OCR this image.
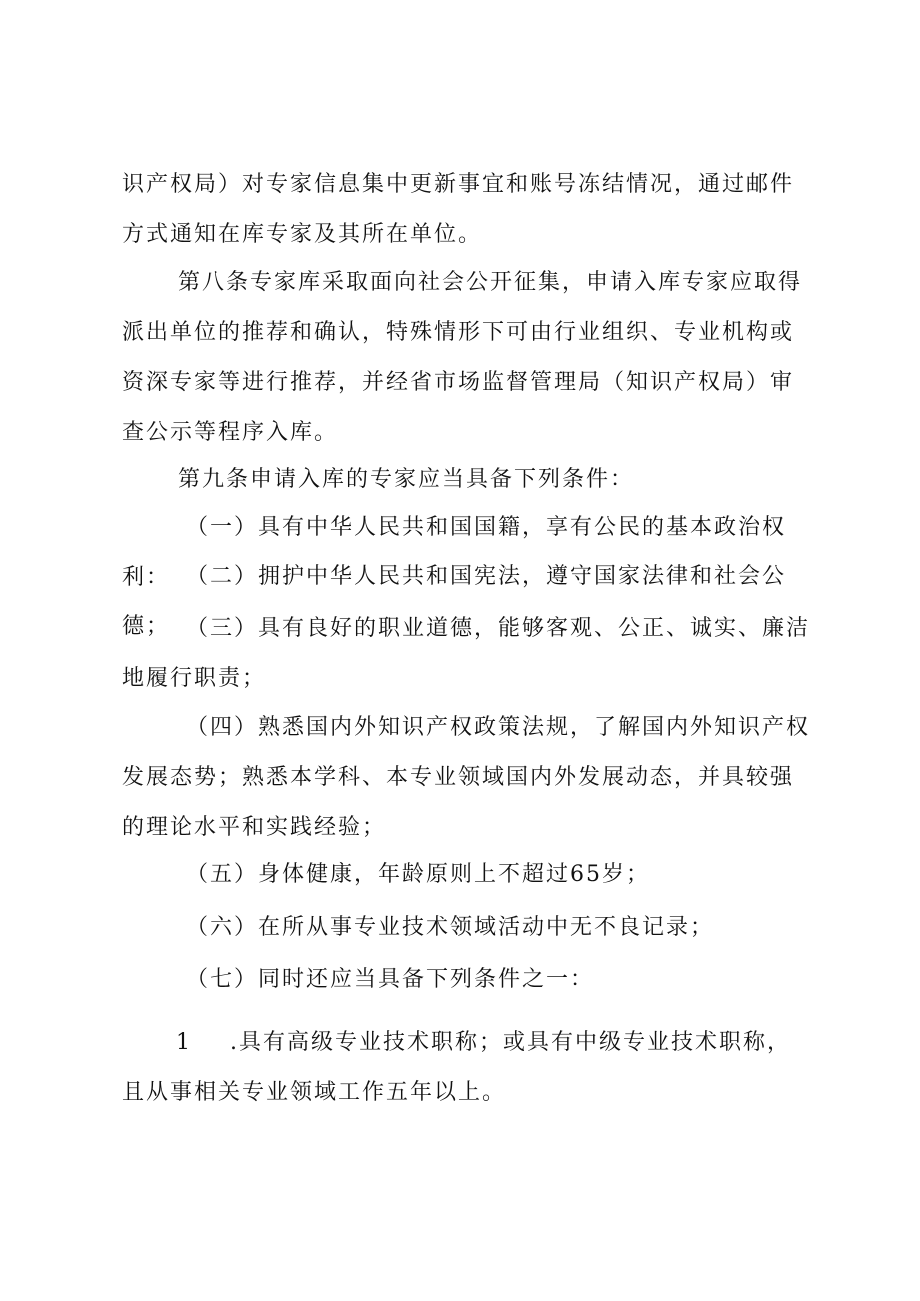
识产权局）对专家信息集中更新事宜和账号冻结情况，通过邮件方式通知在库专家及其所在单位。

第八条专家库采取面向社会公开征集，申请入库专家应取得派出单位的推荐和确认，特殊情形下可由行业组织、专业机构或资深专家等进行推荐，并经省市场监督管理局（知识产权局）审查公示等程序入库。

第九条申请入库的专家应当具备下列条件：

（一）具有中华人民共和国国籍，享有公民的基本政治权利： （二）拥护中华人民共和国宪法，遵守国家法律和社会公德； （三）具有良好的职业道德，能够客观、公正、诚实、廉洁地履行职责；

（四）熟悉国内外知识产权政策法规，了解国内外知识产权发展态势；熟悉本学科、本专业领域国内外发展动态，并具较强的理论水平和实践经验；

（五）身体健康，年龄原则上不超过65岁；

（六）在所从事专业技术领域活动中无不良记录；

（七）同时还应当具备下列条件之一：

1 .具有高级专业技术职称；或具有中级专业技术职称，且从事相关专业领域工作五年以上。
